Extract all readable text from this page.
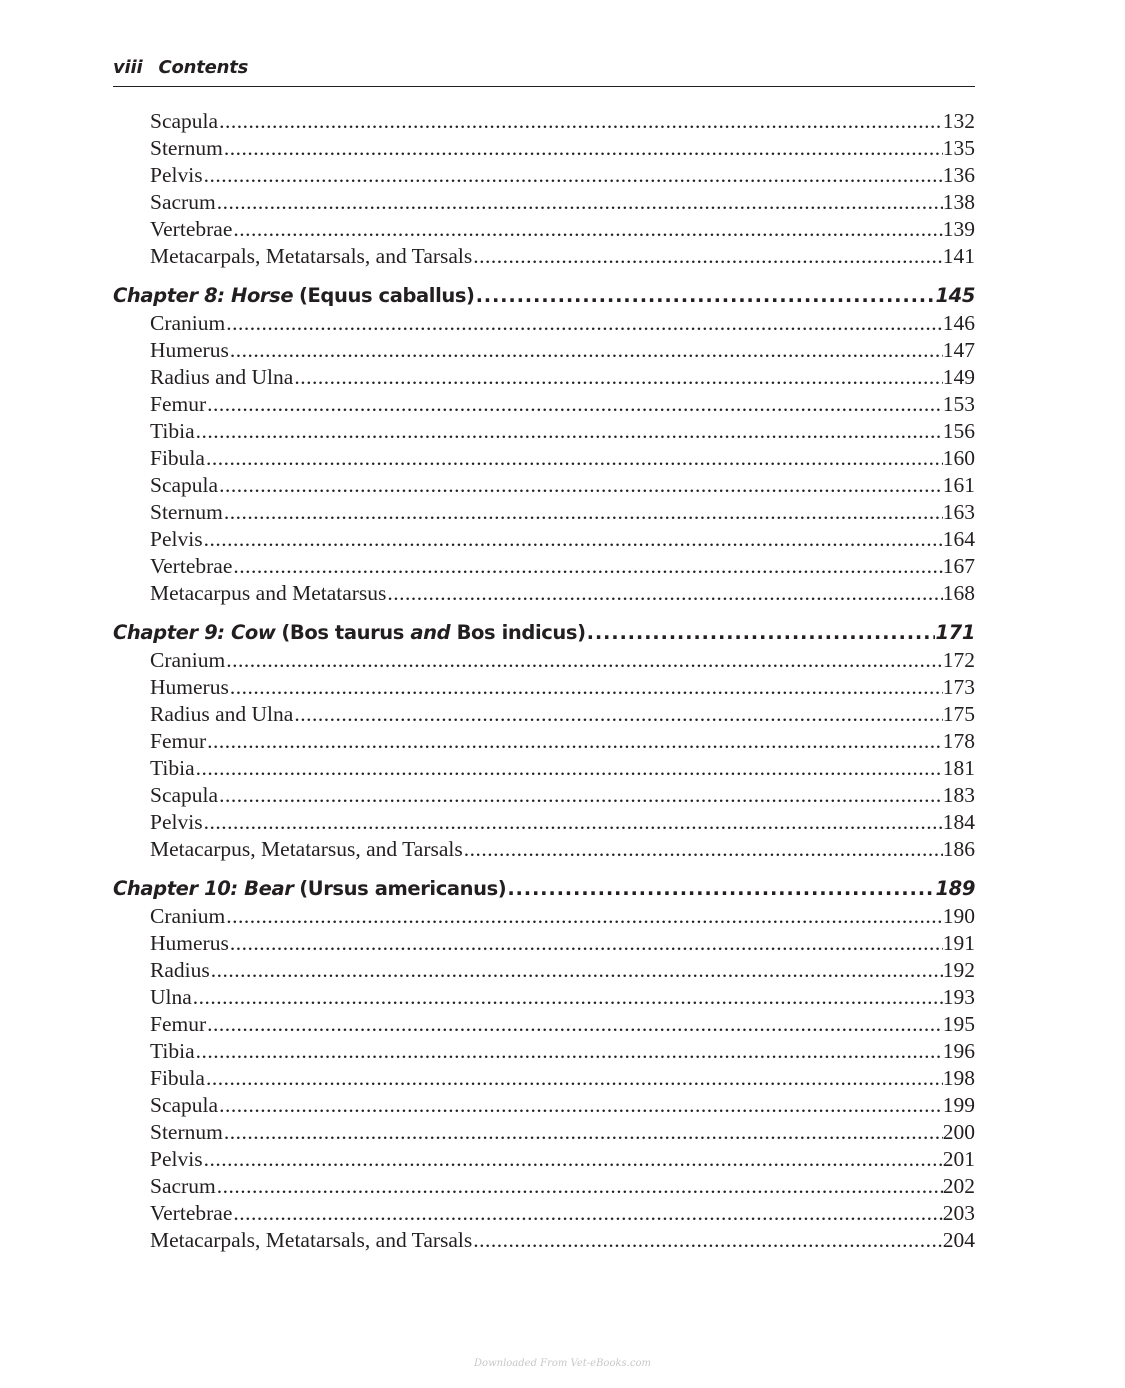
viii Contents
Scapula .....	132
Sternum .....	135
Pelvis .....	136
Sacrum .....	138
Vertebrae .....	139
Metacarpals, Metatarsals, and Tarsals .....	141
Chapter 8: Horse (Equus caballus) .....	145
Cranium .....	146
Humerus .....	147
Radius and Ulna .....	149
Femur .....	153
Tibia .....	156
Fibula .....	160
Scapula .....	161
Sternum .....	163
Pelvis .....	164
Vertebrae .....	167
Metacarpus and Metatarsus .....	168
Chapter 9: Cow (Bos taurus and Bos indicus) .....	171
Cranium .....	172
Humerus .....	173
Radius and Ulna .....	175
Femur .....	178
Tibia .....	181
Scapula .....	183
Pelvis .....	184
Metacarpus, Metatarsus, and Tarsals .....	186
Chapter 10: Bear (Ursus americanus) .....	189
Cranium .....	190
Humerus .....	191
Radius .....	192
Ulna .....	193
Femur .....	195
Tibia .....	196
Fibula .....	198
Scapula .....	199
Sternum .....	200
Pelvis .....	201
Sacrum .....	202
Vertebrae .....	203
Metacarpals, Metatarsals, and Tarsals .....	204
Downloaded From Vet-eBooks.com
